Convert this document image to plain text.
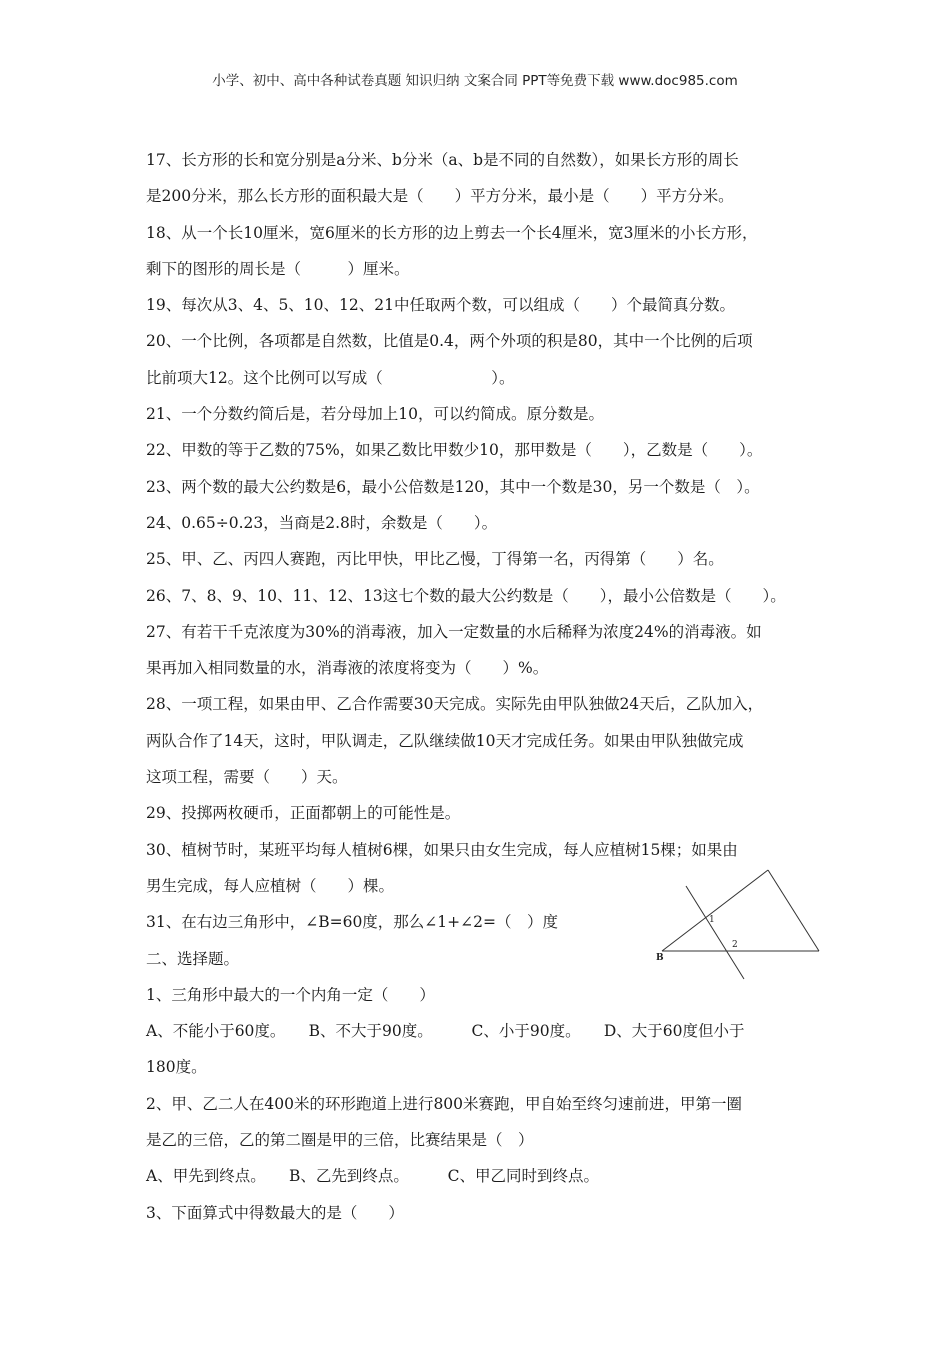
小学、初中、高中各种试卷真题 知识归纳 文案合同 PPT等免费下载 www.doc985.com
17、长方形的长和宽分别是a分米、b分米（a、b是不同的自然数），如果长方形的周长
是200分米，那么长方形的面积最大是（　　）平方分米，最小是（　　）平方分米。
18、从一个长10厘米，宽6厘米的长方形的边上剪去一个长4厘米，宽3厘米的小长方形，
剩下的图形的周长是（　　　）厘米。
19、每次从3、4、5、10、12、21中任取两个数，可以组成（　　）个最简真分数。
20、一个比例，各项都是自然数，比值是0.4，两个外项的积是80，其中一个比例的后项
比前项大12。这个比例可以写成（　　　　　　　）。
21、一个分数约简后是，若分母加上10，可以约简成。原分数是。
22、甲数的等于乙数的75%，如果乙数比甲数少10，那甲数是（　　），乙数是（　　）。
23、两个数的最大公约数是6，最小公倍数是120，其中一个数是30，另一个数是（　）。
24、0.65÷0.23，当商是2.8时，余数是（　　）。
25、甲、乙、丙四人赛跑，丙比甲快，甲比乙慢，丁得第一名，丙得第（　　）名。
26、7、8、9、10、11、12、13这七个数的最大公约数是（　　），最小公倍数是（　　）。
27、有若干千克浓度为30%的消毒液，加入一定数量的水后稀释为浓度24%的消毒液。如
果再加入相同数量的水，消毒液的浓度将变为（　　）%。
28、一项工程，如果由甲、乙合作需要30天完成。实际先由甲队独做24天后，乙队加入，
两队合作了14天，这时，甲队调走，乙队继续做10天才完成任务。如果由甲队独做完成
这项工程，需要（　　）天。
29、投掷两枚硬币，正面都朝上的可能性是。
30、植树节时，某班平均每人植树6棵，如果只由女生完成，每人应植树15棵；如果由
男生完成，每人应植树（　　）棵。
31、在右边三角形中，∠B=60度，那么∠1+∠2=（　）度
二、选择题。
1、三角形中最大的一个内角一定（　　）
A、不能小于60度。　　B、不大于90度。　　　C、小于90度。　　D、大于60度但小于
180度。
2、甲、乙二人在400米的环形跑道上进行800米赛跑，甲自始至终匀速前进，甲第一圈
是乙的三倍，乙的第二圈是甲的三倍，比赛结果是（　）
A、甲先到终点。　　B、乙先到终点。　　　C、甲乙同时到终点。
3、下面算式中得数最大的是（　　）
1
2
B
